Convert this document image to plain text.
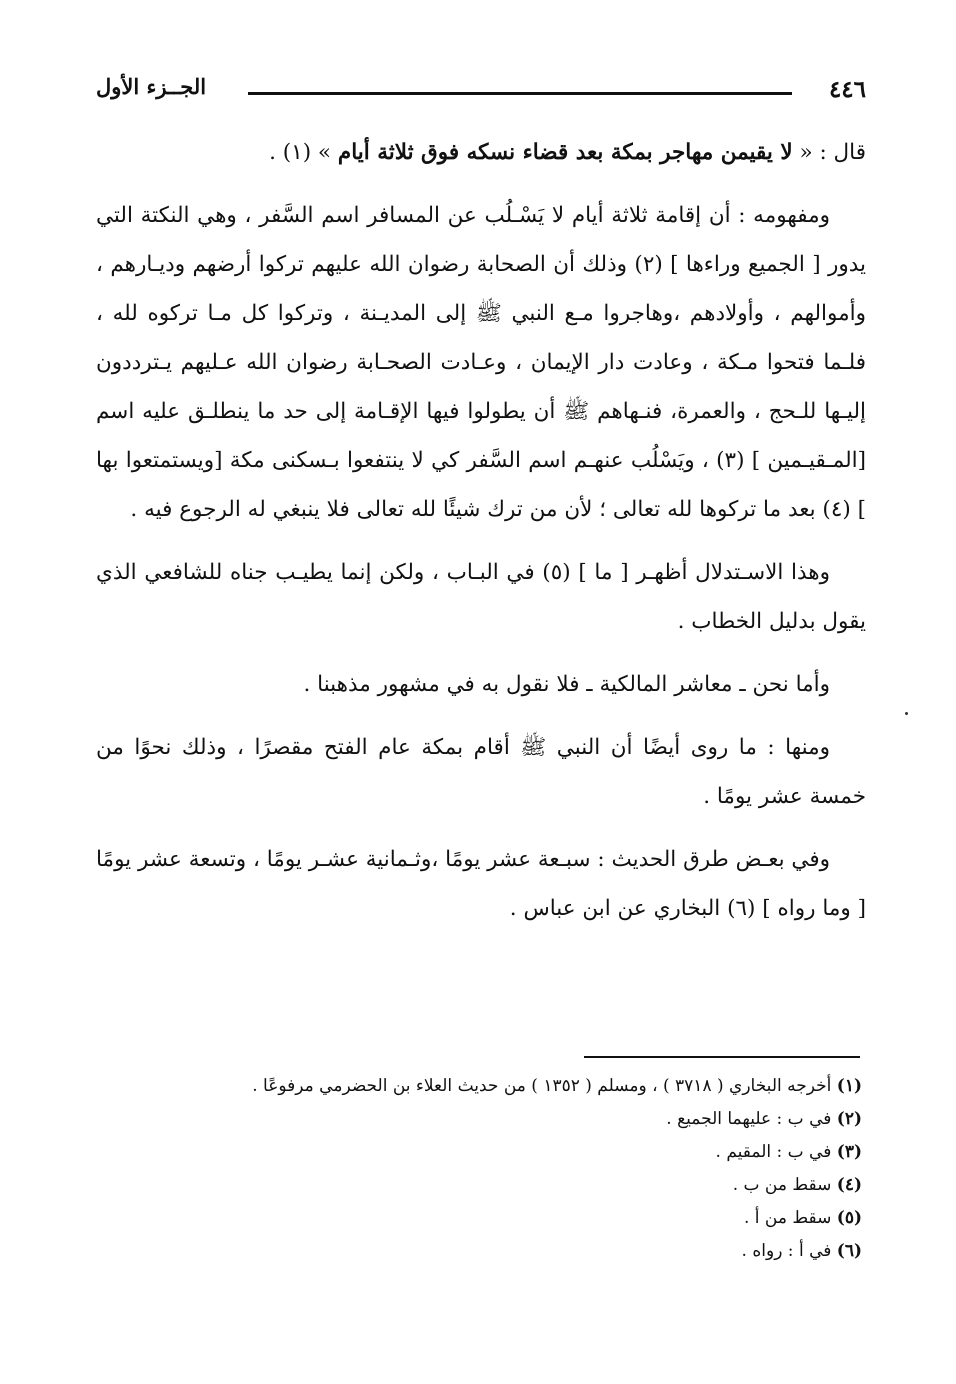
٤٤٦
الجــزء الأول

قال : « لا يقيمن مهاجر بمكة بعد قضاء نسكه فوق ثلاثة أيام » (١) .

ومفهومه : أن إقامة ثلاثة أيام لا يَسْـلُب عن المسافر اسم السَّفر ، وهي النكتة التي يدور [ الجميع وراءها ] (٢) وذلك أن الصحابة رضوان الله عليهم تركوا أرضهم وديـارهم ، وأموالهم ، وأولادهم ،وهاجروا مـع النبي ﷺ إلى المديـنة ، وتركوا كل مـا تركوه لله ، فلـما فتحوا مـكة ، وعادت دار الإيمان ، وعـادت الصحـابة رضوان الله عـليهم يـترددون إليـها للـحج ، والعمرة، فنـهاهم ﷺ أن يطولوا فيها الإقـامة إلى حد ما ينطلـق عليه اسم [المـقيـمين ] (٣) ، ويَسْلُب عنهـم اسم السَّفر كي لا ينتفعوا بـسكنى مكة [ويستمتعوا بها ] (٤) بعد ما تركوها لله تعالى ؛ لأن من ترك شيئًا لله تعالى فلا ينبغي له الرجوع فيه .

وهذا الاسـتدلال أظهـر [ ما ] (٥) في البـاب ، ولكن إنما يطيـب جناه للشافعي الذي يقول بدليل الخطاب .

وأما نحن ـ معاشر المالكية ـ فلا نقول به في مشهور مذهبنا .

ومنها : ما روى أيضًا أن النبي ﷺ أقام بمكة عام الفتح مقصرًا ، وذلك نحوًا من خمسة عشر يومًا .

وفي بعـض طرق الحديث : سبـعة عشر يومًا ،وثـمانية عشـر يومًا ، وتسعة عشر يومًا [ وما رواه ] (٦) البخاري عن ابن عباس .

(١) أخرجه البخاري ( ٣٧١٨ ) ، ومسلم ( ١٣٥٢ ) من حديث العلاء بن الحضرمي مرفوعًا .
(٢) في ب : عليهما الجميع .
(٣) في ب : المقيم .
(٤) سقط من ب .
(٥) سقط من أ .
(٦) في أ : رواه .
